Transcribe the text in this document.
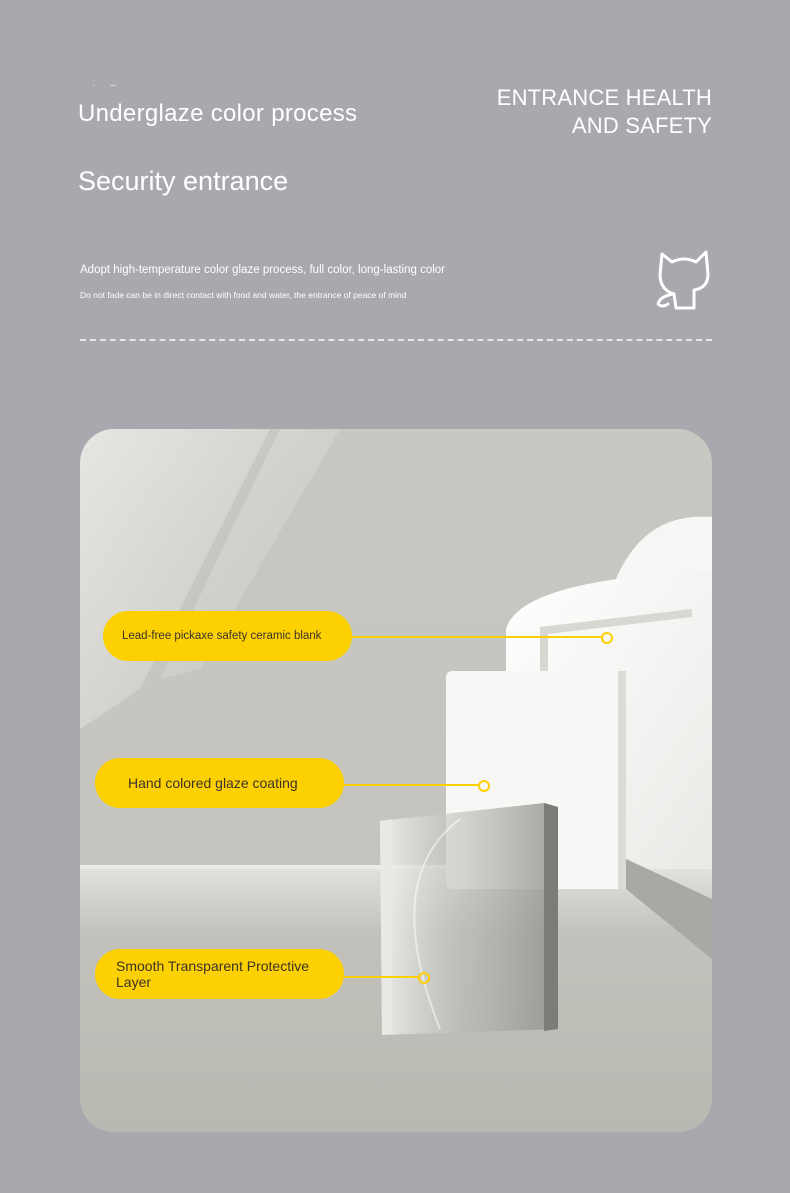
· –
Underglaze color process
ENTRANCE HEALTH
AND SAFETY
Security entrance
Adopt high-temperature color glaze process, full color, long-lasting color
Do not fade can be in direct contact with food and water, the entrance of peace of mind
Lead-free pickaxe safety ceramic blank
Hand colored glaze coating
Smooth Transparent Protective Layer
